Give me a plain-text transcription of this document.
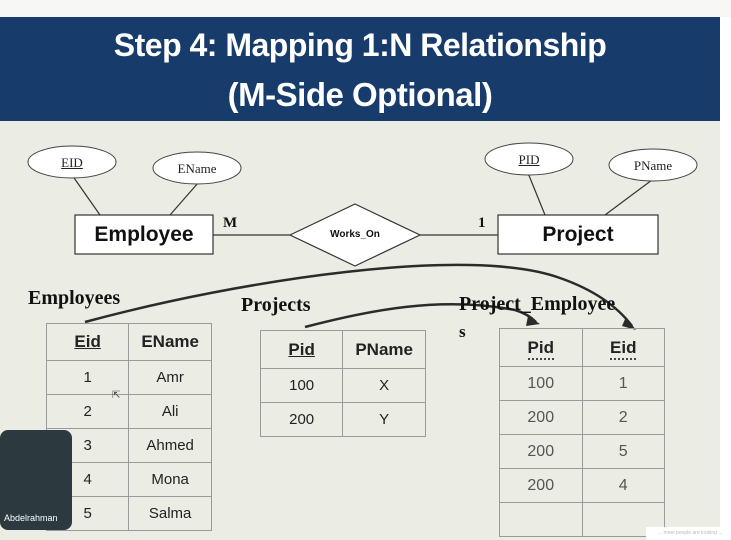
Step 4: Mapping 1:N Relationship
(M-Side Optional)
EID	EName
PID	PName
Employee	Project
Works_On
M	1
Employees	Projects	Project_Employee
s
Eid	EName
1	Amr
2	Ali
3	Ahmed
4	Mona
5	Salma
Pid	PName
100	X
200	Y
Pid	Eid
100	1
200	2
200	5
200	4

⇱
Abdelrahman
... meet people are looking ...
